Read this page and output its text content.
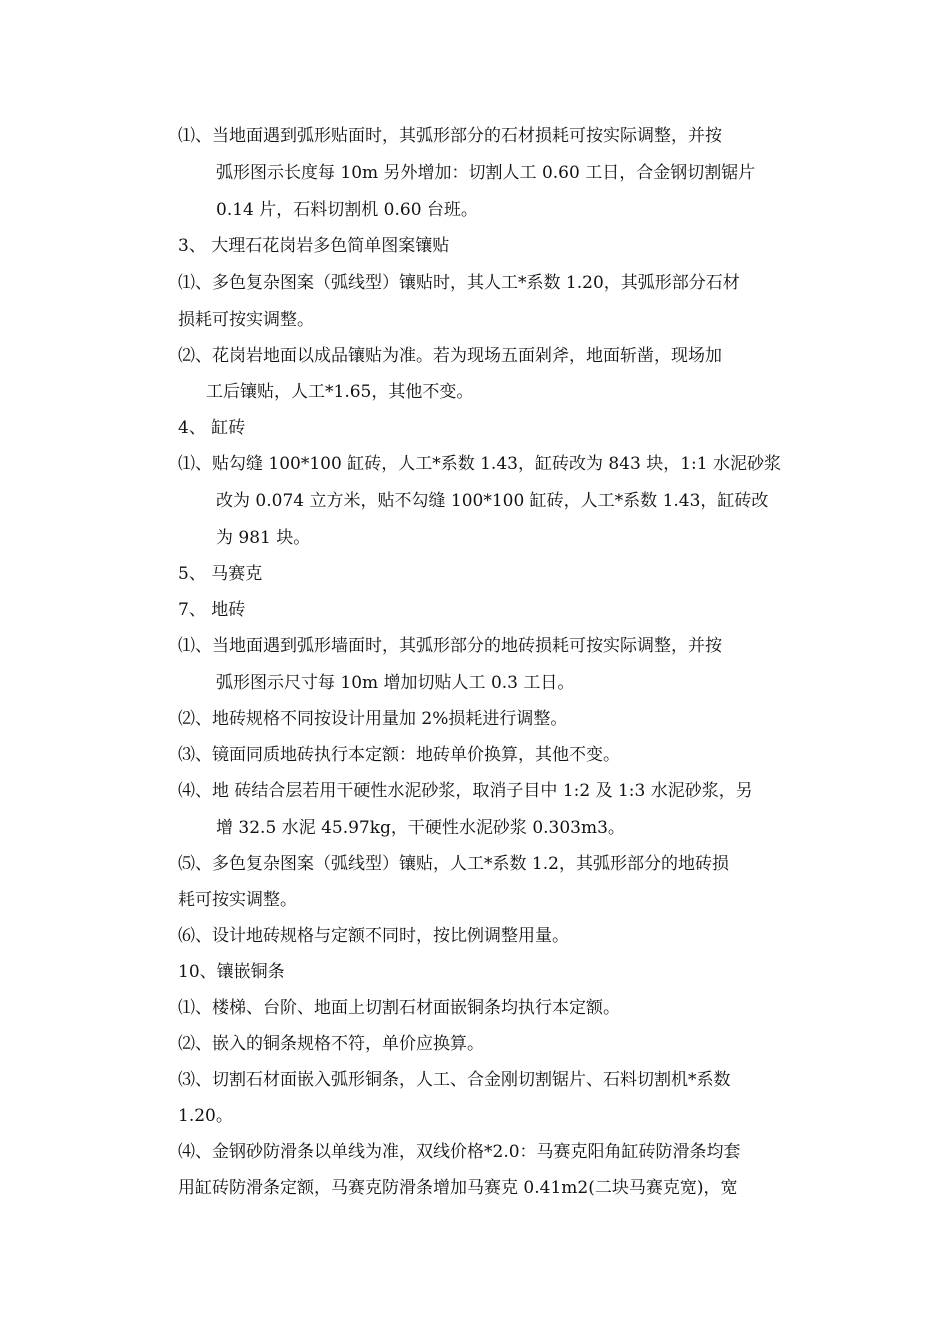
⑴、当地面遇到弧形贴面时，其弧形部分的石材损耗可按实际调整，并按
弧形图示长度每 10m 另外增加：切割人工 0.60 工日，合金钢切割锯片
0.14 片，石料切割机 0.60 台班。
3、 大理石花岗岩多色简单图案镶贴
⑴、多色复杂图案（弧线型）镶贴时，其人工*系数 1.20，其弧形部分石材
损耗可按实调整。
⑵、花岗岩地面以成品镶贴为准。若为现场五面剁斧，地面斩凿，现场加
工后镶贴，人工*1.65，其他不变。
4、 缸砖
⑴、贴勾缝 100*100 缸砖，人工*系数 1.43，缸砖改为 843 块，1:1 水泥砂浆
改为 0.074 立方米，贴不勾缝 100*100 缸砖，人工*系数 1.43，缸砖改
为 981 块。
5、 马赛克
7、 地砖
⑴、当地面遇到弧形墙面时，其弧形部分的地砖损耗可按实际调整，并按
弧形图示尺寸每 10m 增加切贴人工 0.3 工日。
⑵、地砖规格不同按设计用量加 2%损耗进行调整。
⑶、镜面同质地砖执行本定额：地砖单价换算，其他不变。
⑷、地 砖结合层若用干硬性水泥砂浆，取消子目中 1:2 及 1:3 水泥砂浆，另
增 32.5 水泥 45.97kg，干硬性水泥砂浆 0.303m3。
⑸、多色复杂图案（弧线型）镶贴，人工*系数 1.2，其弧形部分的地砖损
耗可按实调整。
⑹、设计地砖规格与定额不同时，按比例调整用量。
10、镶嵌铜条
⑴、楼梯、台阶、地面上切割石材面嵌铜条均执行本定额。
⑵、嵌入的铜条规格不符，单价应换算。
⑶、切割石材面嵌入弧形铜条，人工、合金刚切割锯片、石料切割机*系数
1.20。
⑷、金钢砂防滑条以单线为准，双线价格*2.0：马赛克阳角缸砖防滑条均套
用缸砖防滑条定额，马赛克防滑条增加马赛克 0.41m2(二块马赛克宽)，宽
